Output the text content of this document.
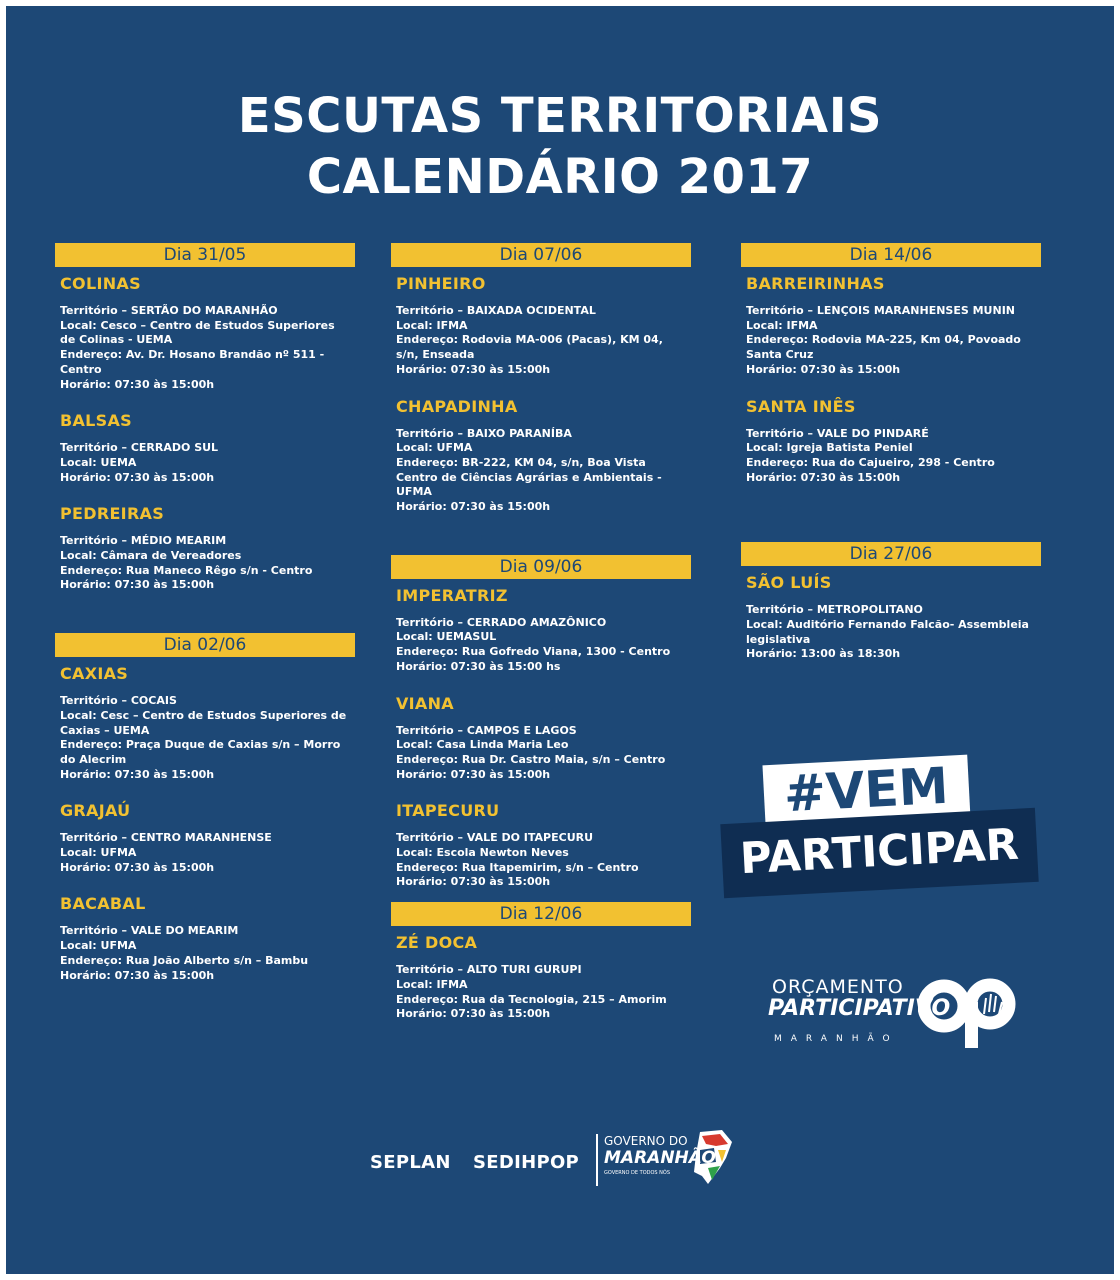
ESCUTAS TERRITORIAIS
CALENDÁRIO 2017
Dia 31/05
COLINAS
Território – SERTÃO DO MARANHÃO
Local: Cesco – Centro de Estudos Superiores de Colinas - UEMA
Endereço: Av. Dr. Hosano Brandão nº 511 - Centro
Horário: 07:30 às 15:00h
BALSAS
Território – CERRADO SUL
Local: UEMA
Horário: 07:30 às 15:00h
PEDREIRAS
Território – MÉDIO MEARIM
Local: Câmara de Vereadores
Endereço: Rua Maneco Rêgo s/n - Centro
Horário: 07:30 às 15:00h
Dia 02/06
CAXIAS
Território – COCAIS
Local: Cesc – Centro de Estudos Superiores de Caxias – UEMA
Endereço: Praça Duque de Caxias s/n – Morro do Alecrim
Horário: 07:30 às 15:00h
GRAJAÚ
Território – CENTRO MARANHENSE
Local: UFMA
Horário: 07:30 às 15:00h
BACABAL
Território – VALE DO MEARIM
Local: UFMA
Endereço: Rua João Alberto s/n – Bambu
Horário: 07:30 às 15:00h
Dia 07/06
PINHEIRO
Território – BAIXADA OCIDENTAL
Local: IFMA
Endereço: Rodovia MA-006 (Pacas), KM 04, s/n, Enseada
Horário: 07:30 às 15:00h
CHAPADINHA
Território – BAIXO PARANÍBA
Local: UFMA
Endereço: BR-222, KM 04, s/n, Boa Vista Centro de Ciências Agrárias e Ambientais - UFMA
Horário: 07:30 às 15:00h
Dia 09/06
IMPERATRIZ
Território – CERRADO AMAZÔNICO
Local: UEMASUL
Endereço: Rua Gofredo Viana, 1300 - Centro
Horário: 07:30 às 15:00 hs
VIANA
Território – CAMPOS E LAGOS
Local: Casa Linda Maria Leo
Endereço: Rua Dr. Castro Maia, s/n – Centro
Horário: 07:30 às 15:00h
ITAPECURU
Território – VALE DO ITAPECURU
Local: Escola Newton Neves
Endereço: Rua Itapemirim, s/n – Centro
Horário: 07:30 às 15:00h
Dia 12/06
ZÉ DOCA
Território – ALTO TURI GURUPI
Local: IFMA
Endereço: Rua da Tecnologia, 215 – Amorim
Horário: 07:30 às 15:00h
Dia 14/06
BARREIRINHAS
Território – LENÇOIS MARANHENSES MUNIN
Local: IFMA
Endereço: Rodovia MA-225, Km 04, Povoado Santa Cruz
Horário: 07:30 às 15:00h
SANTA INÊS
Território – VALE DO PINDARÉ
Local: Igreja Batista Peniel
Endereço: Rua do Cajueiro, 298 - Centro
Horário: 07:30 às 15:00h
Dia 27/06
SÃO LUÍS
Território – METROPOLITANO
Local: Auditório Fernando Falcão- Assembleia legislativa
Horário: 13:00 às 18:30h
#VEM
PARTICIPAR
ORÇAMENTO
PARTICIPATIVO
MARANHÃO
SEPLAN SEDIHPOP
GOVERNO DO
MARANHÃO
GOVERNO DE TODOS NÓS
